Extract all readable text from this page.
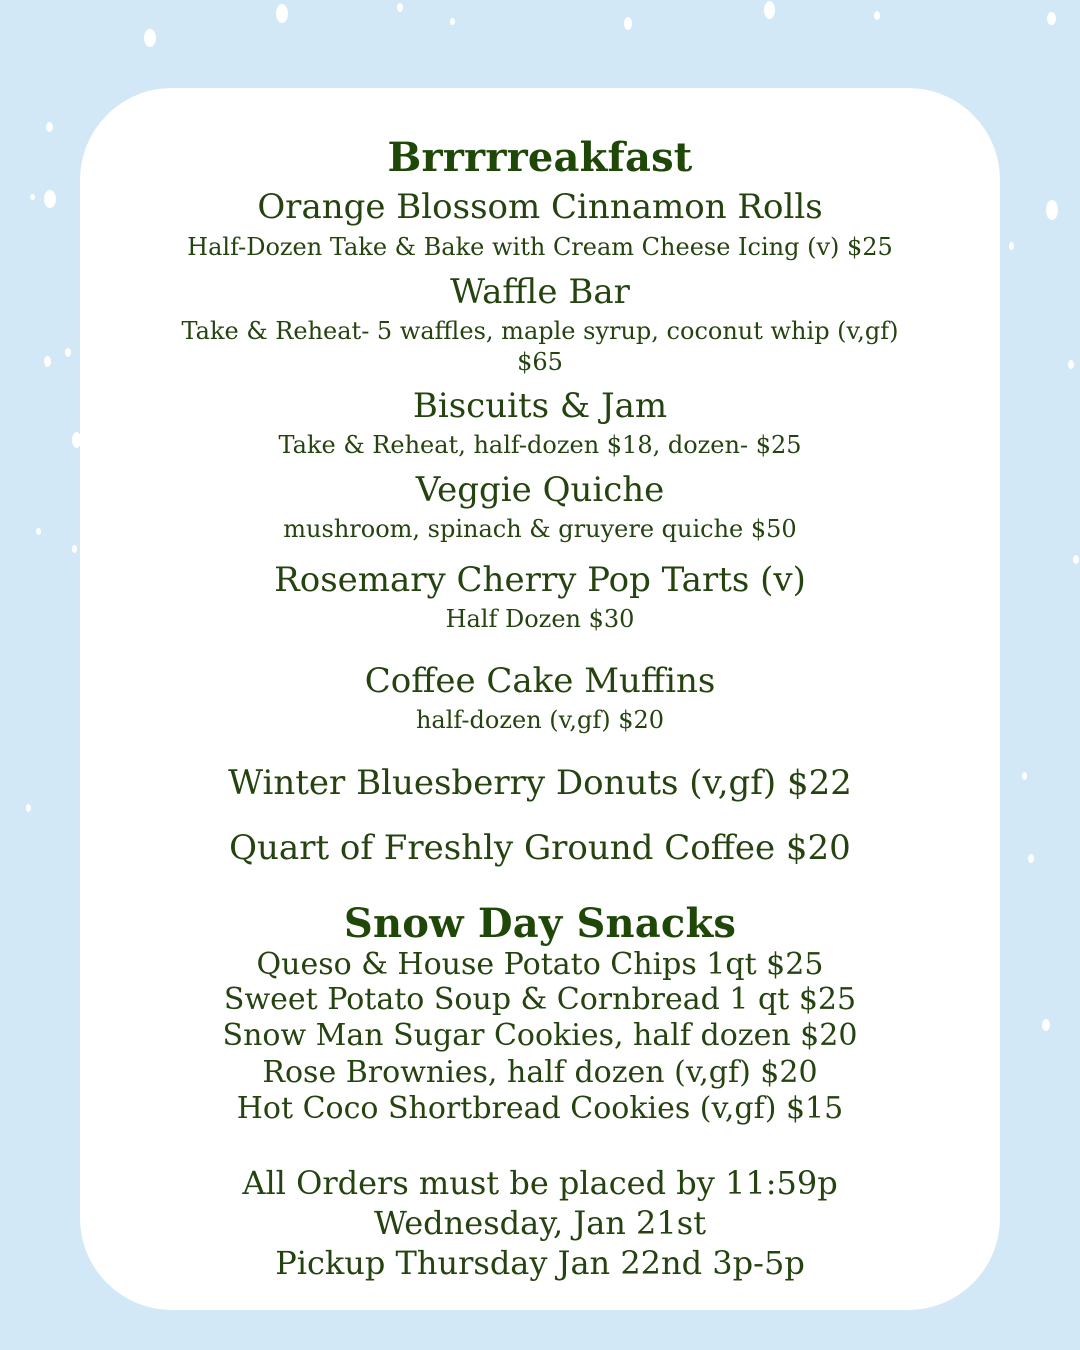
Brrrrreakfast
Orange Blossom Cinnamon Rolls
Half-Dozen Take & Bake with Cream Cheese Icing (v) $25
Waffle Bar
Take & Reheat- 5 waffles, maple syrup, coconut whip (v,gf)
$65
Biscuits & Jam
Take & Reheat, half-dozen $18, dozen- $25
Veggie Quiche
mushroom, spinach & gruyere quiche $50
Rosemary Cherry Pop Tarts (v)
Half Dozen $30
Coffee Cake Muffins
half-dozen (v,gf) $20
Winter Bluesberry Donuts (v,gf) $22
Quart of Freshly Ground Coffee $20
Snow Day Snacks
Queso & House Potato Chips 1qt $25
Sweet Potato Soup & Cornbread 1 qt $25
Snow Man Sugar Cookies, half dozen $20
Rose Brownies, half dozen (v,gf) $20
Hot Coco Shortbread Cookies (v,gf) $15
All Orders must be placed by 11:59p
Wednesday, Jan 21st
Pickup Thursday Jan 22nd 3p-5p
